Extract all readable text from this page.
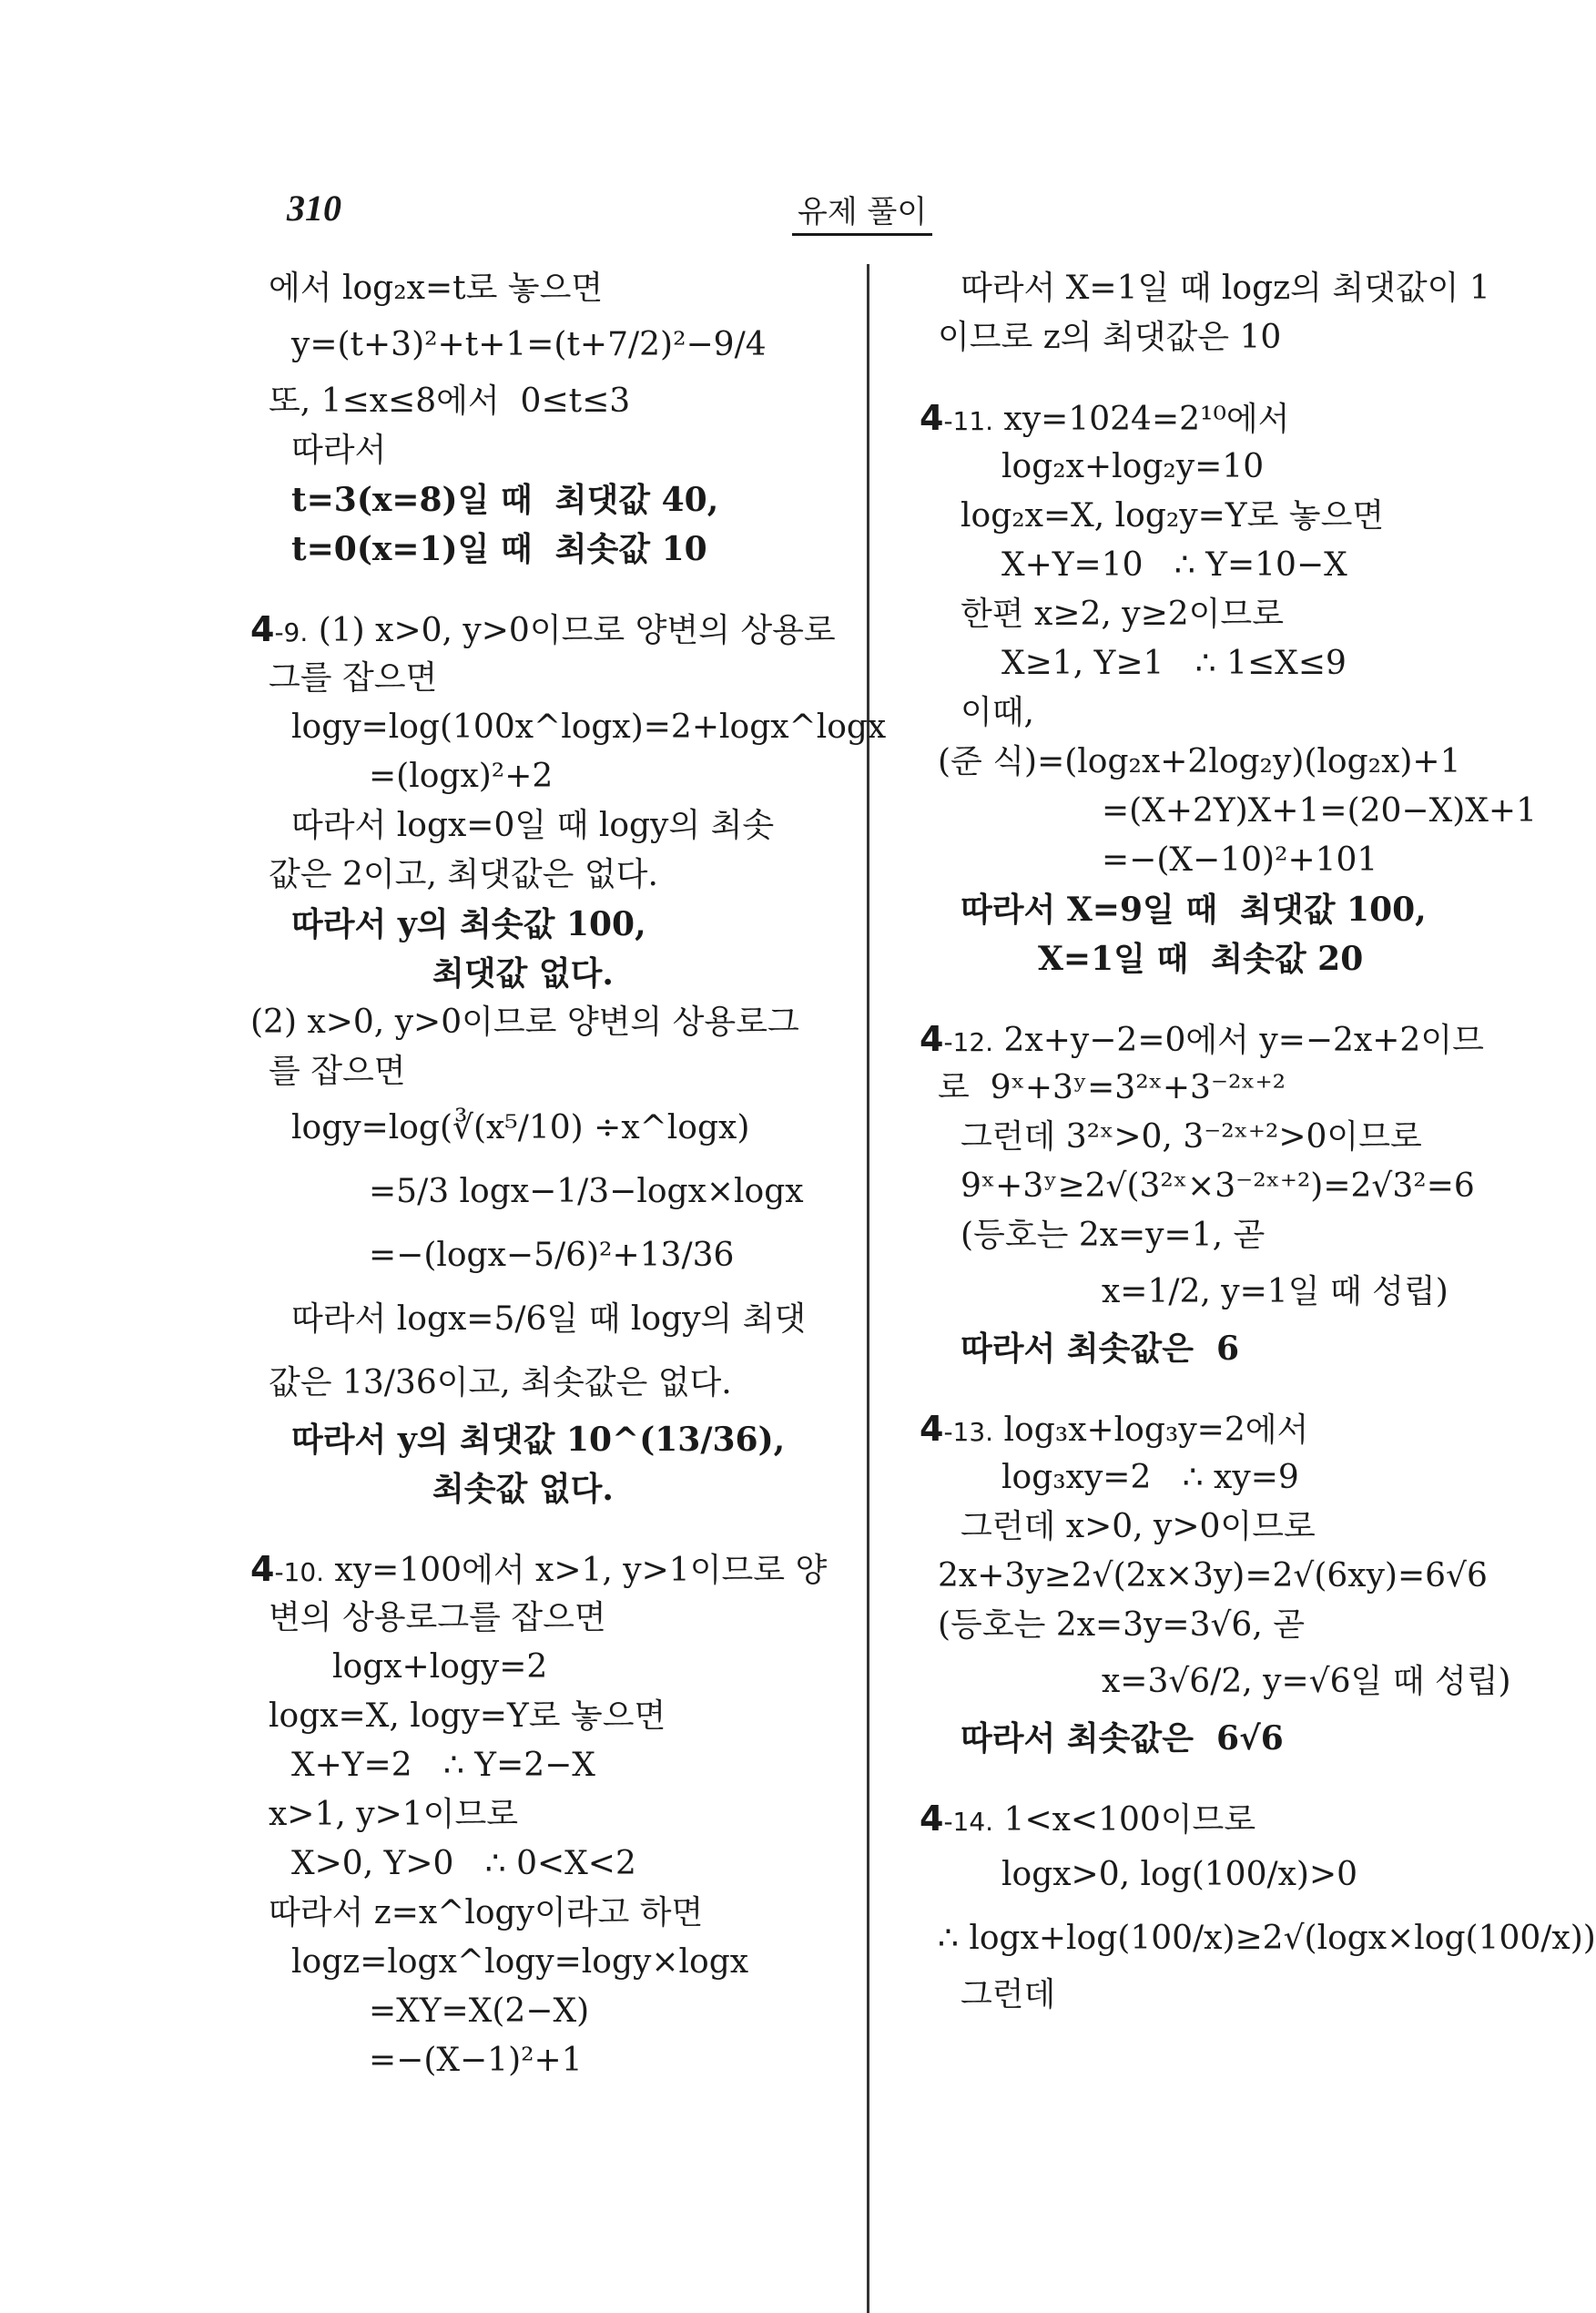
310	유제 풀이
에서 log₂x=t로 놓으면
y=(t+3)²+t+1=(t+7/2)²−9/4
또, 1≤x≤8에서  0≤t≤3
따라서
t=3(x=8)일 때  최댓값 40,
t=0(x=1)일 때  최솟값 10
4-9. (1) x>0, y>0이므로 양변의 상용로
그를 잡으면
logy=log(100x^logx)=2+logx^logx
=(logx)²+2
따라서 logx=0일 때 logy의 최솟
값은 2이고, 최댓값은 없다.
따라서 y의 최솟값 100,
최댓값 없다.
(2) x>0, y>0이므로 양변의 상용로그
를 잡으면
logy=log(∛(x⁵/10) ÷x^logx)
=5/3 logx−1/3−logx×logx
=−(logx−5/6)²+13/36
따라서 logx=5/6일 때 logy의 최댓
값은 13/36이고, 최솟값은 없다.
따라서 y의 최댓값 10^(13/36),
최솟값 없다.
4-10. xy=100에서 x>1, y>1이므로 양
변의 상용로그를 잡으면
logx+logy=2
logx=X, logy=Y로 놓으면
X+Y=2   ∴ Y=2−X
x>1, y>1이므로
X>0, Y>0   ∴ 0<X<2
따라서 z=x^logy이라고 하면
logz=logx^logy=logy×logx
=XY=X(2−X)
=−(X−1)²+1
따라서 X=1일 때 logz의 최댓값이 1
이므로 z의 최댓값은 10
4-11. xy=1024=2¹⁰에서
log₂x+log₂y=10
log₂x=X, log₂y=Y로 놓으면
X+Y=10   ∴ Y=10−X
한편 x≥2, y≥2이므로
X≥1, Y≥1   ∴ 1≤X≤9
이때,
(준 식)=(log₂x+2log₂y)(log₂x)+1
=(X+2Y)X+1=(20−X)X+1
=−(X−10)²+101
따라서 X=9일 때  최댓값 100,
X=1일 때  최솟값 20
4-12. 2x+y−2=0에서 y=−2x+2이므
로  9ˣ+3ʸ=3²ˣ+3⁻²ˣ⁺²
그런데 3²ˣ>0, 3⁻²ˣ⁺²>0이므로
9ˣ+3ʸ≥2√(3²ˣ×3⁻²ˣ⁺²)=2√3²=6
(등호는 2x=y=1, 곧
x=1/2, y=1일 때 성립)
따라서 최솟값은  6
4-13. log₃x+log₃y=2에서
log₃xy=2   ∴ xy=9
그런데 x>0, y>0이므로
2x+3y≥2√(2x×3y)=2√(6xy)=6√6
(등호는 2x=3y=3√6, 곧
x=3√6/2, y=√6일 때 성립)
따라서 최솟값은  6√6
4-14. 1<x<100이므로
logx>0, log(100/x)>0
∴ logx+log(100/x)≥2√(logx×log(100/x))
그런데
